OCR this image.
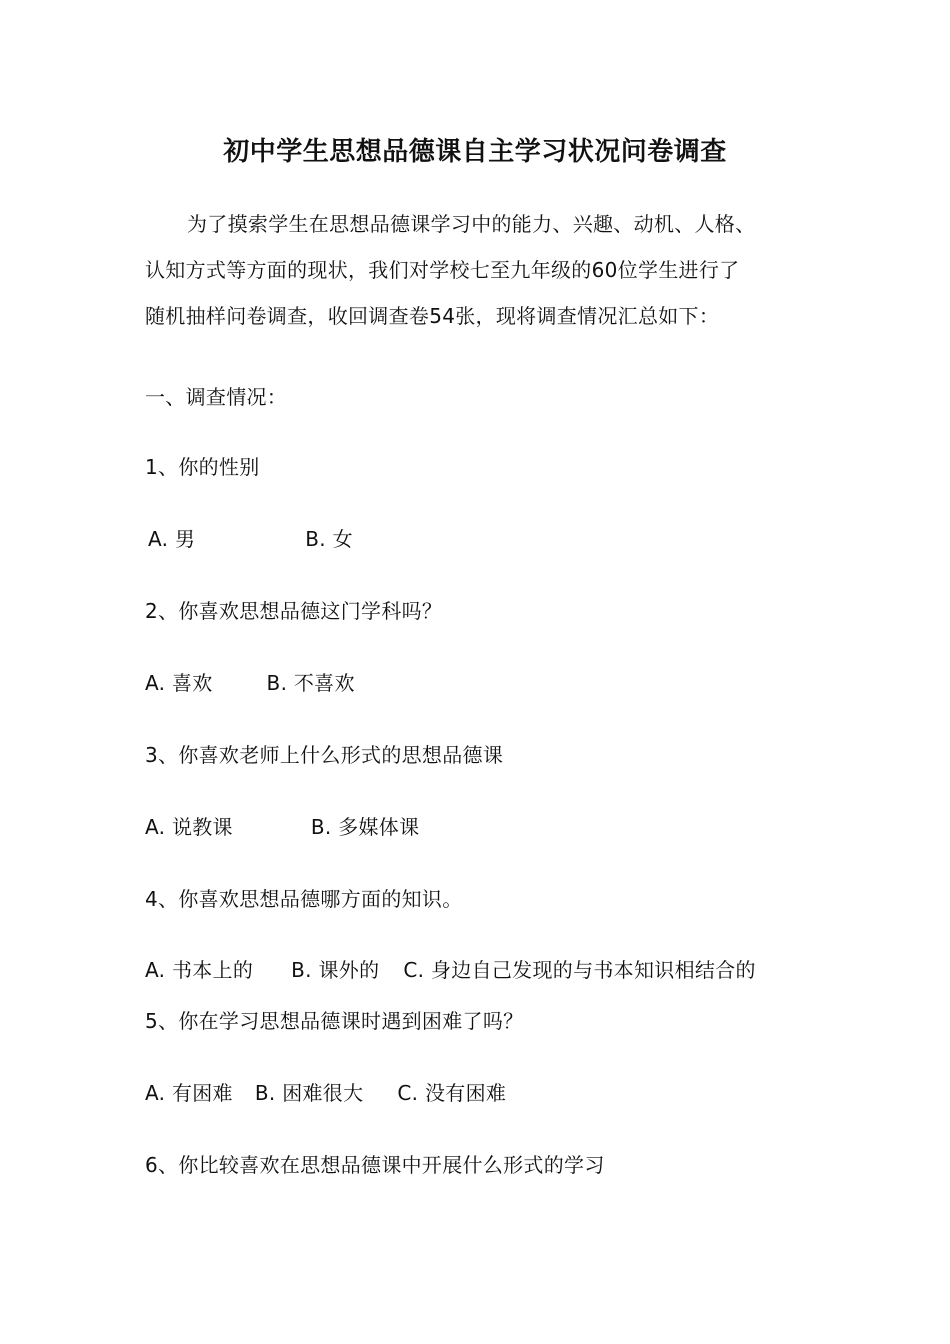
初中学生思想品德课自主学习状况问卷调查

为了摸索学生在思想品德课学习中的能力、兴趣、动机、人格、

认知方式等方面的现状，我们对学校七至九年级的60位学生进行了

随机抽样问卷调查，收回调查卷54张，现将调查情况汇总如下：

一、调查情况：
1、你的性别
A. 男	B. 女
2、你喜欢思想品德这门学科吗？
A. 喜欢	B. 不喜欢
3、你喜欢老师上什么形式的思想品德课
A. 说教课	B. 多媒体课
4、你喜欢思想品德哪方面的知识。
A. 书本上的 B. 课外的 C. 身边自己发现的与书本知识相结合的
5、你在学习思想品德课时遇到困难了吗？
A. 有困难 B. 困难很大 C. 没有困难
6、你比较喜欢在思想品德课中开展什么形式的学习
